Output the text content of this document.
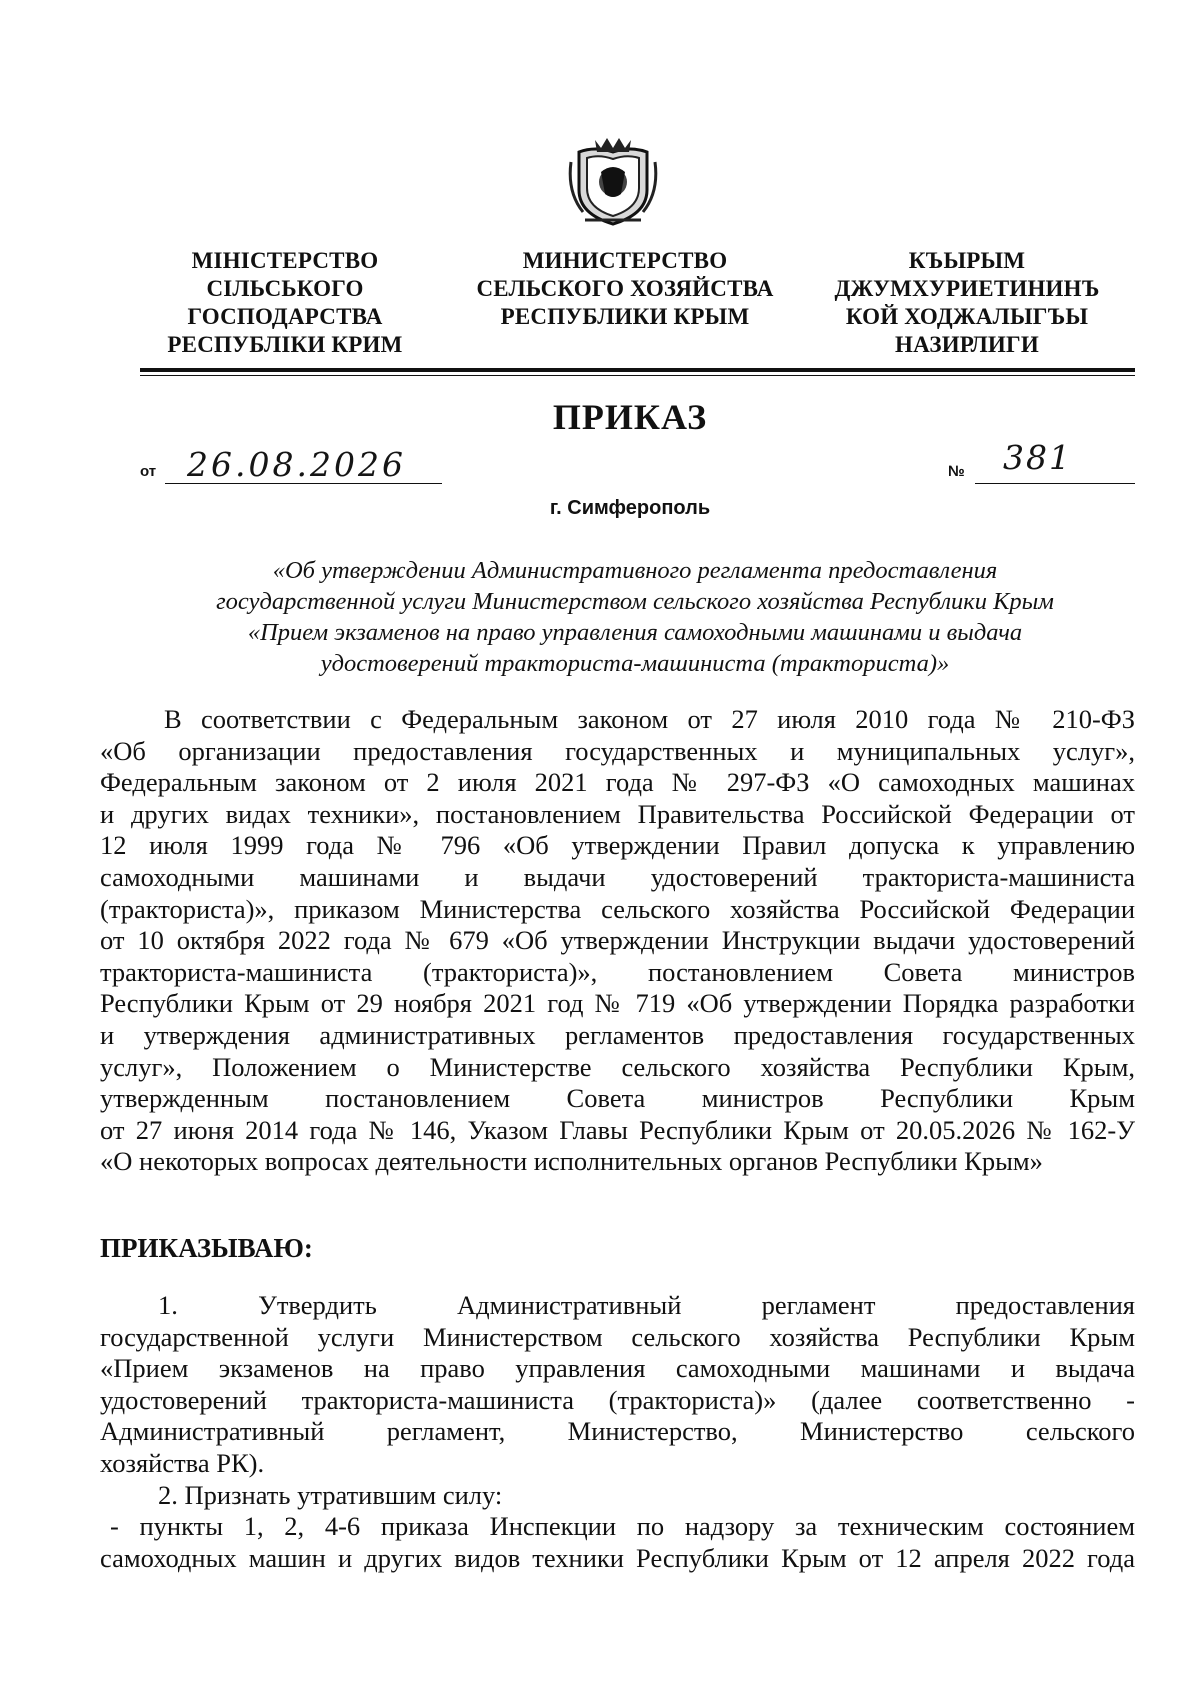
МІНІСТЕРСТВО
СІЛЬСЬКОГО
ГОСПОДАРСТВА
РЕСПУБЛІКИ КРИМ
МИНИСТЕРСТВО
СЕЛЬСКОГО ХОЗЯЙСТВА
РЕСПУБЛИКИ КРЫМ
КЪЫРЫМ
ДЖУМХУРИЕТИНИНЪ
КОЙ ХОДЖАЛЫГЪЫ
НАЗИРЛИГИ
ПРИКАЗ
от 26.08.2026	№ 381
г. Симферополь
«Об утверждении Административного регламента предоставления
государственной услуги Министерством сельского хозяйства Республики Крым
«Прием экзаменов на право управления самоходными машинами и выдача
удостоверений тракториста-машиниста (тракториста)»
В соответствии с Федеральным законом от 27 июля 2010 года № 210-ФЗ
«Об организации предоставления государственных и муниципальных услуг»,
Федеральным законом от 2 июля 2021 года № 297-ФЗ «О самоходных машинах
и других видах техники», постановлением Правительства Российской Федерации от
12 июля 1999 года № 796 «Об утверждении Правил допуска к управлению
самоходными машинами и выдачи удостоверений тракториста-машиниста
(тракториста)», приказом Министерства сельского хозяйства Российской Федерации
от 10 октября 2022 года № 679 «Об утверждении Инструкции выдачи удостоверений
тракториста-машиниста (тракториста)», постановлением Совета министров
Республики Крым от 29 ноября 2021 год № 719 «Об утверждении Порядка разработки
и утверждения административных регламентов предоставления государственных
услуг», Положением о Министерстве сельского хозяйства Республики Крым,
утвержденным постановлением Совета министров Республики Крым
от 27 июня 2014 года № 146, Указом Главы Республики Крым от 20.05.2026 № 162-У
«О некоторых вопросах деятельности исполнительных органов Республики Крым»
ПРИКАЗЫВАЮ:
1. Утвердить Административный регламент предоставления
государственной услуги Министерством сельского хозяйства Республики Крым
«Прием экзаменов на право управления самоходными машинами и выдача
удостоверений тракториста-машиниста (тракториста)» (далее соответственно -
Административный регламент, Министерство, Министерство сельского
хозяйства РК).
2. Признать утратившим силу:
- пункты 1, 2, 4-6 приказа Инспекции по надзору за техническим состоянием
самоходных машин и других видов техники Республики Крым от 12 апреля 2022 года
